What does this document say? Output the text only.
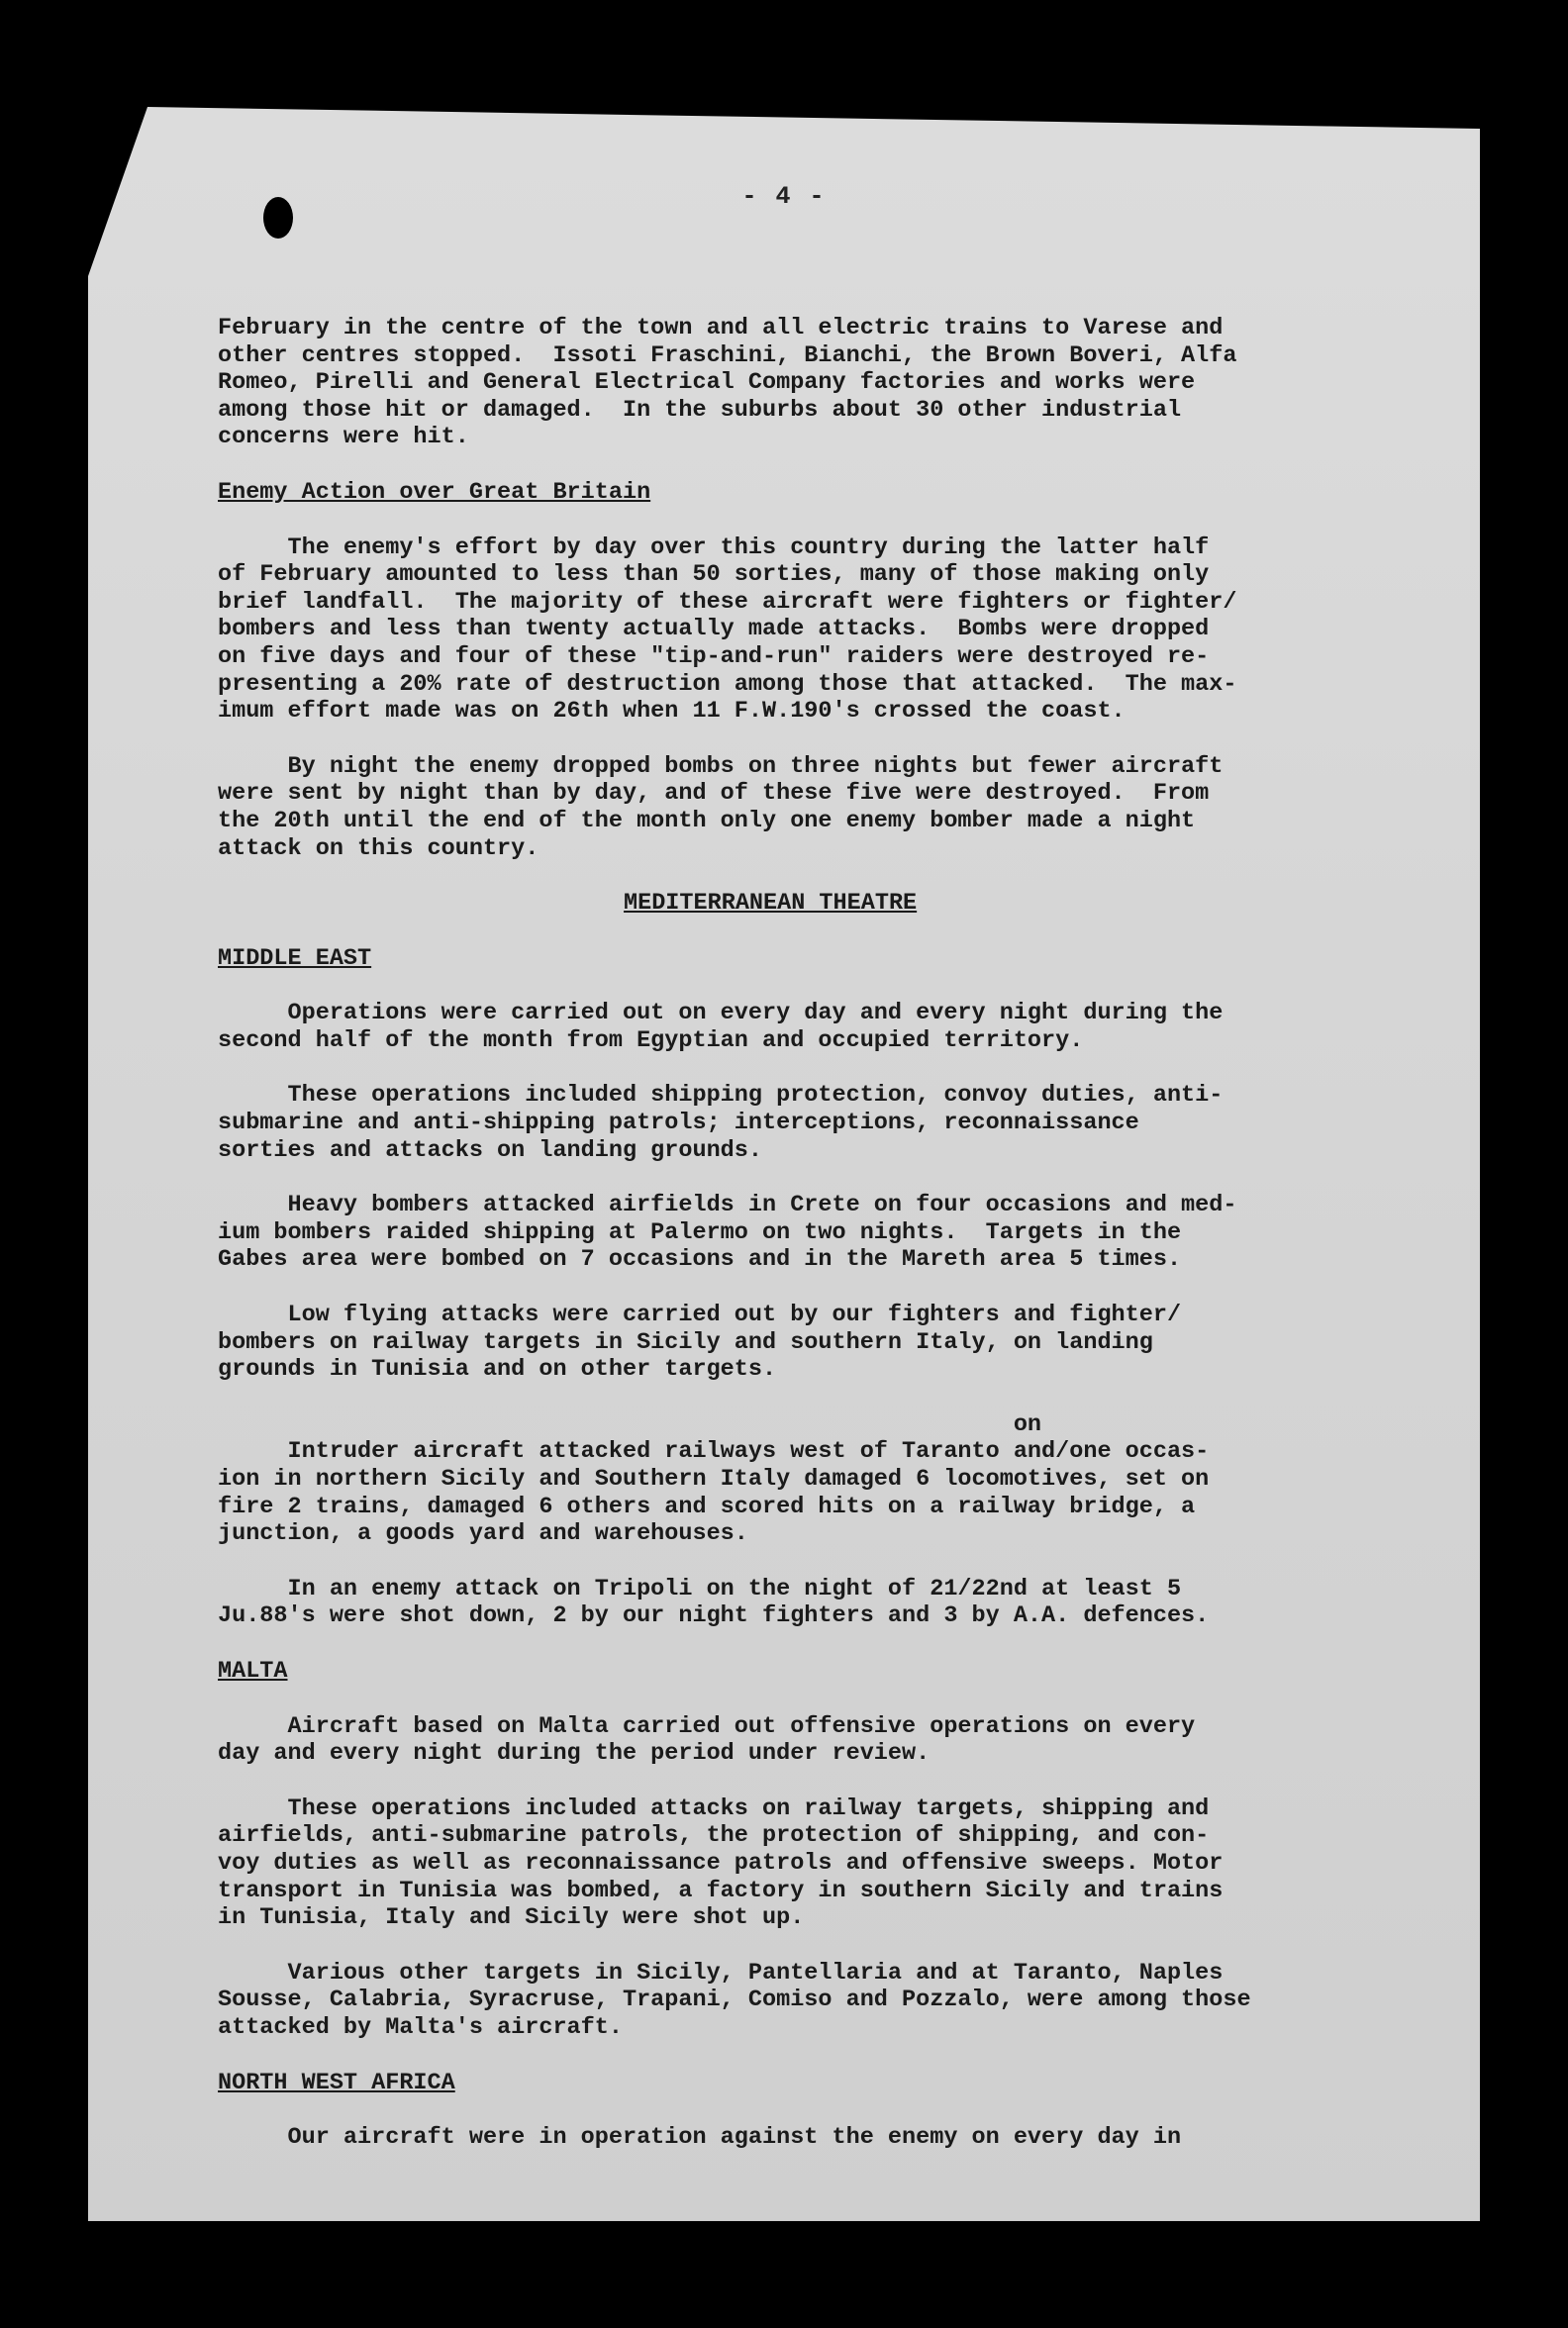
- 4 -

February in the centre of the town and all electric trains to Varese and
other centres stopped.  Issoti Fraschini, Bianchi, the Brown Boveri, Alfa
Romeo, Pirelli and General Electrical Company factories and works were
among those hit or damaged.  In the suburbs about 30 other industrial
concerns were hit.

Enemy Action over Great Britain

The enemy's effort by day over this country during the latter half
of February amounted to less than 50 sorties, many of those making only
brief landfall.  The majority of these aircraft were fighters or fighter/
bombers and less than twenty actually made attacks.  Bombs were dropped
on five days and four of these "tip-and-run" raiders were destroyed re-
presenting a 20% rate of destruction among those that attacked.  The max-
imum effort made was on 26th when 11 F.W.190's crossed the coast.

By night the enemy dropped bombs on three nights but fewer aircraft
were sent by night than by day, and of these five were destroyed.  From
the 20th until the end of the month only one enemy bomber made a night
attack on this country.

MEDITERRANEAN THEATRE

MIDDLE EAST

Operations were carried out on every day and every night during the
second half of the month from Egyptian and occupied territory.

These operations included shipping protection, convoy duties, anti-
submarine and anti-shipping patrols; interceptions, reconnaissance
sorties and attacks on landing grounds.

Heavy bombers attacked airfields in Crete on four occasions and med-
ium bombers raided shipping at Palermo on two nights.  Targets in the
Gabes area were bombed on 7 occasions and in the Mareth area 5 times.

Low flying attacks were carried out by our fighters and fighter/
bombers on railway targets in Sicily and southern Italy, on landing
grounds in Tunisia and on other targets.

on
Intruder aircraft attacked railways west of Taranto and/one occas-
ion in northern Sicily and Southern Italy damaged 6 locomotives, set on
fire 2 trains, damaged 6 others and scored hits on a railway bridge, a
junction, a goods yard and warehouses.

In an enemy attack on Tripoli on the night of 21/22nd at least 5
Ju.88's were shot down, 2 by our night fighters and 3 by A.A. defences.

MALTA

Aircraft based on Malta carried out offensive operations on every
day and every night during the period under review.

These operations included attacks on railway targets, shipping and
airfields, anti-submarine patrols, the protection of shipping, and con-
voy duties as well as reconnaissance patrols and offensive sweeps. Motor
transport in Tunisia was bombed, a factory in southern Sicily and trains
in Tunisia, Italy and Sicily were shot up.

Various other targets in Sicily, Pantellaria and at Taranto, Naples
Sousse, Calabria, Syracruse, Trapani, Comiso and Pozzalo, were among those
attacked by Malta's aircraft.

NORTH WEST AFRICA

Our aircraft were in operation against the enemy on every day in
